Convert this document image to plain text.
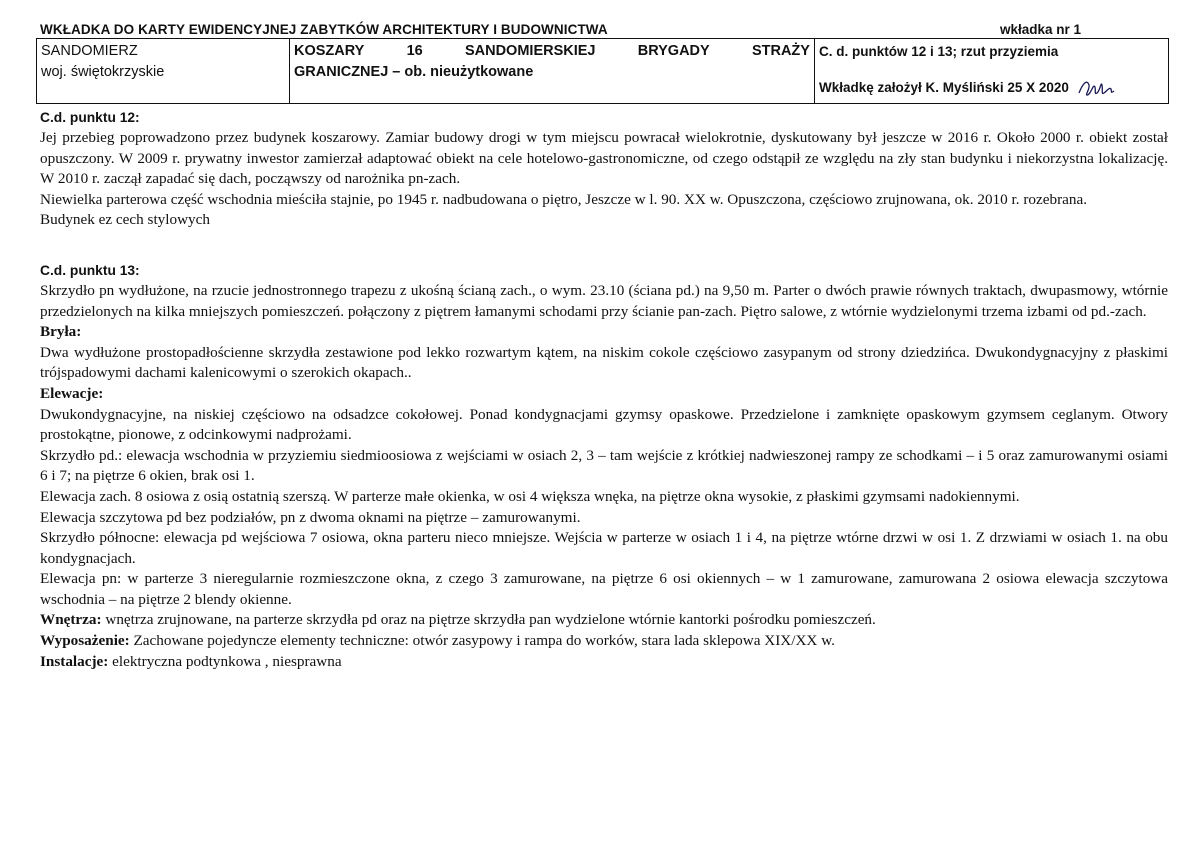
WKŁADKA DO KARTY EWIDENCYJNEJ ZABYTKÓW ARCHITEKTURY I BUDOWNICTWA	wkładka nr 1
SANDOMIERZ
woj. świętokrzyskie

KOSZARY	16	SANDOMIERSKIEJ	BRYGADY	STRAŻY
GRANICZNEJ – ob. nieużytkowane

C. d. punktów 12 i 13; rzut przyziemia
Wkładkę założył K. Myśliński 25 X 2020
C.d. punktu 12:

Jej przebieg poprowadzono przez budynek koszarowy. Zamiar budowy drogi w tym miejscu powracał wielokrotnie, dyskutowany był jeszcze w 2016 r. Około 2000 r. obiekt został opuszczony. W 2009 r. prywatny inwestor zamierzał adaptować obiekt na cele hotelowo-gastronomiczne, od czego odstąpił ze względu na zły stan budynku i niekorzystna lokalizację. W 2010 r. zaczął zapadać się dach, począwszy od narożnika pn-zach.

Niewielka parterowa część wschodnia mieściła stajnie, po 1945 r. nadbudowana o piętro, Jeszcze w l. 90. XX w. Opuszczona, częściowo zrujnowana, ok. 2010 r. rozebrana.

Budynek ez cech stylowych

C.d. punktu 13:

Skrzydło pn wydłużone, na rzucie jednostronnego trapezu z ukośną ścianą zach., o wym. 23.10 (ściana pd.) na 9,50 m. Parter o dwóch prawie równych traktach, dwupasmowy, wtórnie przedzielonych na kilka mniejszych pomieszczeń. połączony z piętrem łamanymi schodami przy ścianie pan-zach. Piętro salowe, z wtórnie wydzielonymi trzema izbami od pd.-zach.

Bryła:

Dwa wydłużone prostopadłościenne skrzydła zestawione pod lekko rozwartym kątem, na niskim cokole częściowo zasypanym od strony dziedzińca. Dwukondygnacyjny z płaskimi trójspadowymi dachami kalenicowymi o szerokich okapach..

Elewacje:

Dwukondygnacyjne, na niskiej częściowo na odsadzce cokołowej. Ponad kondygnacjami gzymsy opaskowe. Przedzielone i zamknięte opaskowym gzymsem ceglanym. Otwory prostokątne, pionowe, z odcinkowymi nadprożami.

Skrzydło pd.: elewacja wschodnia w przyziemiu siedmioosiowa z wejściami w osiach 2, 3 – tam wejście z krótkiej nadwieszonej rampy ze schodkami – i 5 oraz zamurowanymi osiami 6 i 7; na piętrze 6 okien, brak osi 1.

Elewacja zach. 8 osiowa z osią ostatnią szerszą. W parterze małe okienka, w osi 4 większa wnęka, na piętrze okna wysokie, z płaskimi gzymsami nadokiennymi.

Elewacja szczytowa pd bez podziałów, pn z dwoma oknami na piętrze – zamurowanymi.

Skrzydło północne: elewacja pd wejściowa 7 osiowa, okna parteru nieco mniejsze. Wejścia w parterze w osiach 1 i 4, na piętrze wtórne drzwi w osi 1. Z drzwiami w osiach 1. na obu kondygnacjach.

Elewacja pn: w parterze 3 nieregularnie rozmieszczone okna, z czego 3 zamurowane, na piętrze 6 osi okiennych – w 1 zamurowane, zamurowana 2 osiowa elewacja szczytowa wschodnia – na piętrze 2 blendy okienne.

Wnętrza: wnętrza zrujnowane, na parterze skrzydła pd oraz na piętrze skrzydła pan wydzielone wtórnie kantorki pośrodku pomieszczeń.

Wyposażenie: Zachowane pojedyncze elementy techniczne: otwór zasypowy i rampa do worków, stara lada sklepowa XIX/XX w.

Instalacje: elektryczna podtynkowa , niesprawna
